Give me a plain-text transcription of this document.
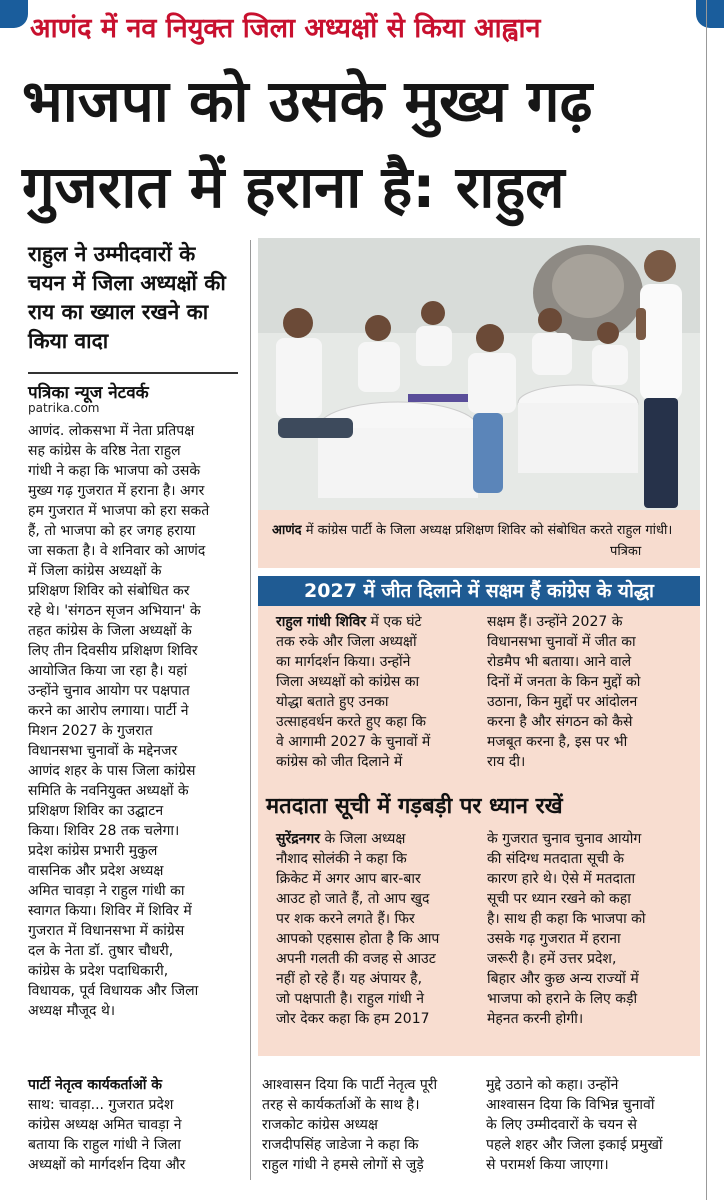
आणंद में नव नियुक्त जिला अध्यक्षों से किया आह्वान
भाजपा को उसके मुख्य गढ़
गुजरात में हराना है: राहुल
राहुल ने उम्मीदवारों के चयन में जिला अध्यक्षों की राय का ख्याल रखने का किया वादा
पत्रिका न्यूज नेटवर्क
patrika.com
आणंद. लोकसभा में नेता प्रतिपक्ष
सह कांग्रेस के वरिष्ठ नेता राहुल
गांधी ने कहा कि भाजपा को उसके
मुख्य गढ़ गुजरात में हराना है। अगर
हम गुजरात में भाजपा को हरा सकते
हैं, तो भाजपा को हर जगह हराया
जा सकता है। वे शनिवार को आणंद
में जिला कांग्रेस अध्यक्षों के
प्रशिक्षण शिविर को संबोधित कर
रहे थे। 'संगठन सृजन अभियान' के
तहत कांग्रेस के जिला अध्यक्षों के
लिए तीन दिवसीय प्रशिक्षण शिविर
आयोजित किया जा रहा है। यहां
उन्होंने चुनाव आयोग पर पक्षपात
करने का आरोप लगाया। पार्टी ने
मिशन 2027 के गुजरात
विधानसभा चुनावों के मद्देनजर
आणंद शहर के पास जिला कांग्रेस
समिति के नवनियुक्त अध्यक्षों के
प्रशिक्षण शिविर का उद्घाटन
किया। शिविर 28 तक चलेगा।
प्रदेश कांग्रेस प्रभारी मुकुल
वासनिक और प्रदेश अध्यक्ष
अमित चावड़ा ने राहुल गांधी का
स्वागत किया। शिविर में शिविर में
गुजरात में विधानसभा में कांग्रेस
दल के नेता डॉ. तुषार चौधरी,
कांग्रेस के प्रदेश पदाधिकारी,
विधायक, पूर्व विधायक और जिला
अध्यक्ष मौजूद थे।
पार्टी नेतृत्व कार्यकर्ताओं के
साथ: चावड़ा... गुजरात प्रदेश
कांग्रेस अध्यक्ष अमित चावड़ा ने
बताया कि राहुल गांधी ने जिला
अध्यक्षों को मार्गदर्शन दिया और
आणंद में कांग्रेस पार्टी के जिला अध्यक्ष प्रशिक्षण शिविर को संबोधित करते राहुल गांधी।
पत्रिका
2027 में जीत दिलाने में सक्षम हैं कांग्रेस के योद्धा
राहुल गांधी शिविर में एक घंटे
तक रुके और जिला अध्यक्षों
का मार्गदर्शन किया। उन्होंने
जिला अध्यक्षों को कांग्रेस का
योद्धा बताते हुए उनका
उत्साहवर्धन करते हुए कहा कि
वे आगामी 2027 के चुनावों में
कांग्रेस को जीत दिलाने में
सक्षम हैं। उन्होंने 2027 के
विधानसभा चुनावों में जीत का
रोडमैप भी बताया। आने वाले
दिनों में जनता के किन मुद्दों को
उठाना, किन मुद्दों पर आंदोलन
करना है और संगठन को कैसे
मजबूत करना है, इस पर भी
राय दी।
मतदाता सूची में गड़बड़ी पर ध्यान रखें
सुरेंद्रनगर के जिला अध्यक्ष
नौशाद सोलंकी ने कहा कि
क्रिकेट में अगर आप बार-बार
आउट हो जाते हैं, तो आप खुद
पर शक करने लगते हैं। फिर
आपको एहसास होता है कि आप
अपनी गलती की वजह से आउट
नहीं हो रहे हैं। यह अंपायर है,
जो पक्षपाती है। राहुल गांधी ने
जोर देकर कहा कि हम 2017
के गुजरात चुनाव चुनाव आयोग
की संदिग्ध मतदाता सूची के
कारण हारे थे। ऐसे में मतदाता
सूची पर ध्यान रखने को कहा
है। साथ ही कहा कि भाजपा को
उसके गढ़ गुजरात में हराना
जरूरी है। हमें उत्तर प्रदेश,
बिहार और कुछ अन्य राज्यों में
भाजपा को हराने के लिए कड़ी
मेहनत करनी होगी।
आश्वासन दिया कि पार्टी नेतृत्व पूरी
तरह से कार्यकर्ताओं के साथ है।
राजकोट कांग्रेस अध्यक्ष
राजदीपसिंह जाडेजा ने कहा कि
राहुल गांधी ने हमसे लोगों से जुड़े
मुद्दे उठाने को कहा। उन्होंने
आश्वासन दिया कि विभिन्न चुनावों
के लिए उम्मीदवारों के चयन से
पहले शहर और जिला इकाई प्रमुखों
से परामर्श किया जाएगा।
